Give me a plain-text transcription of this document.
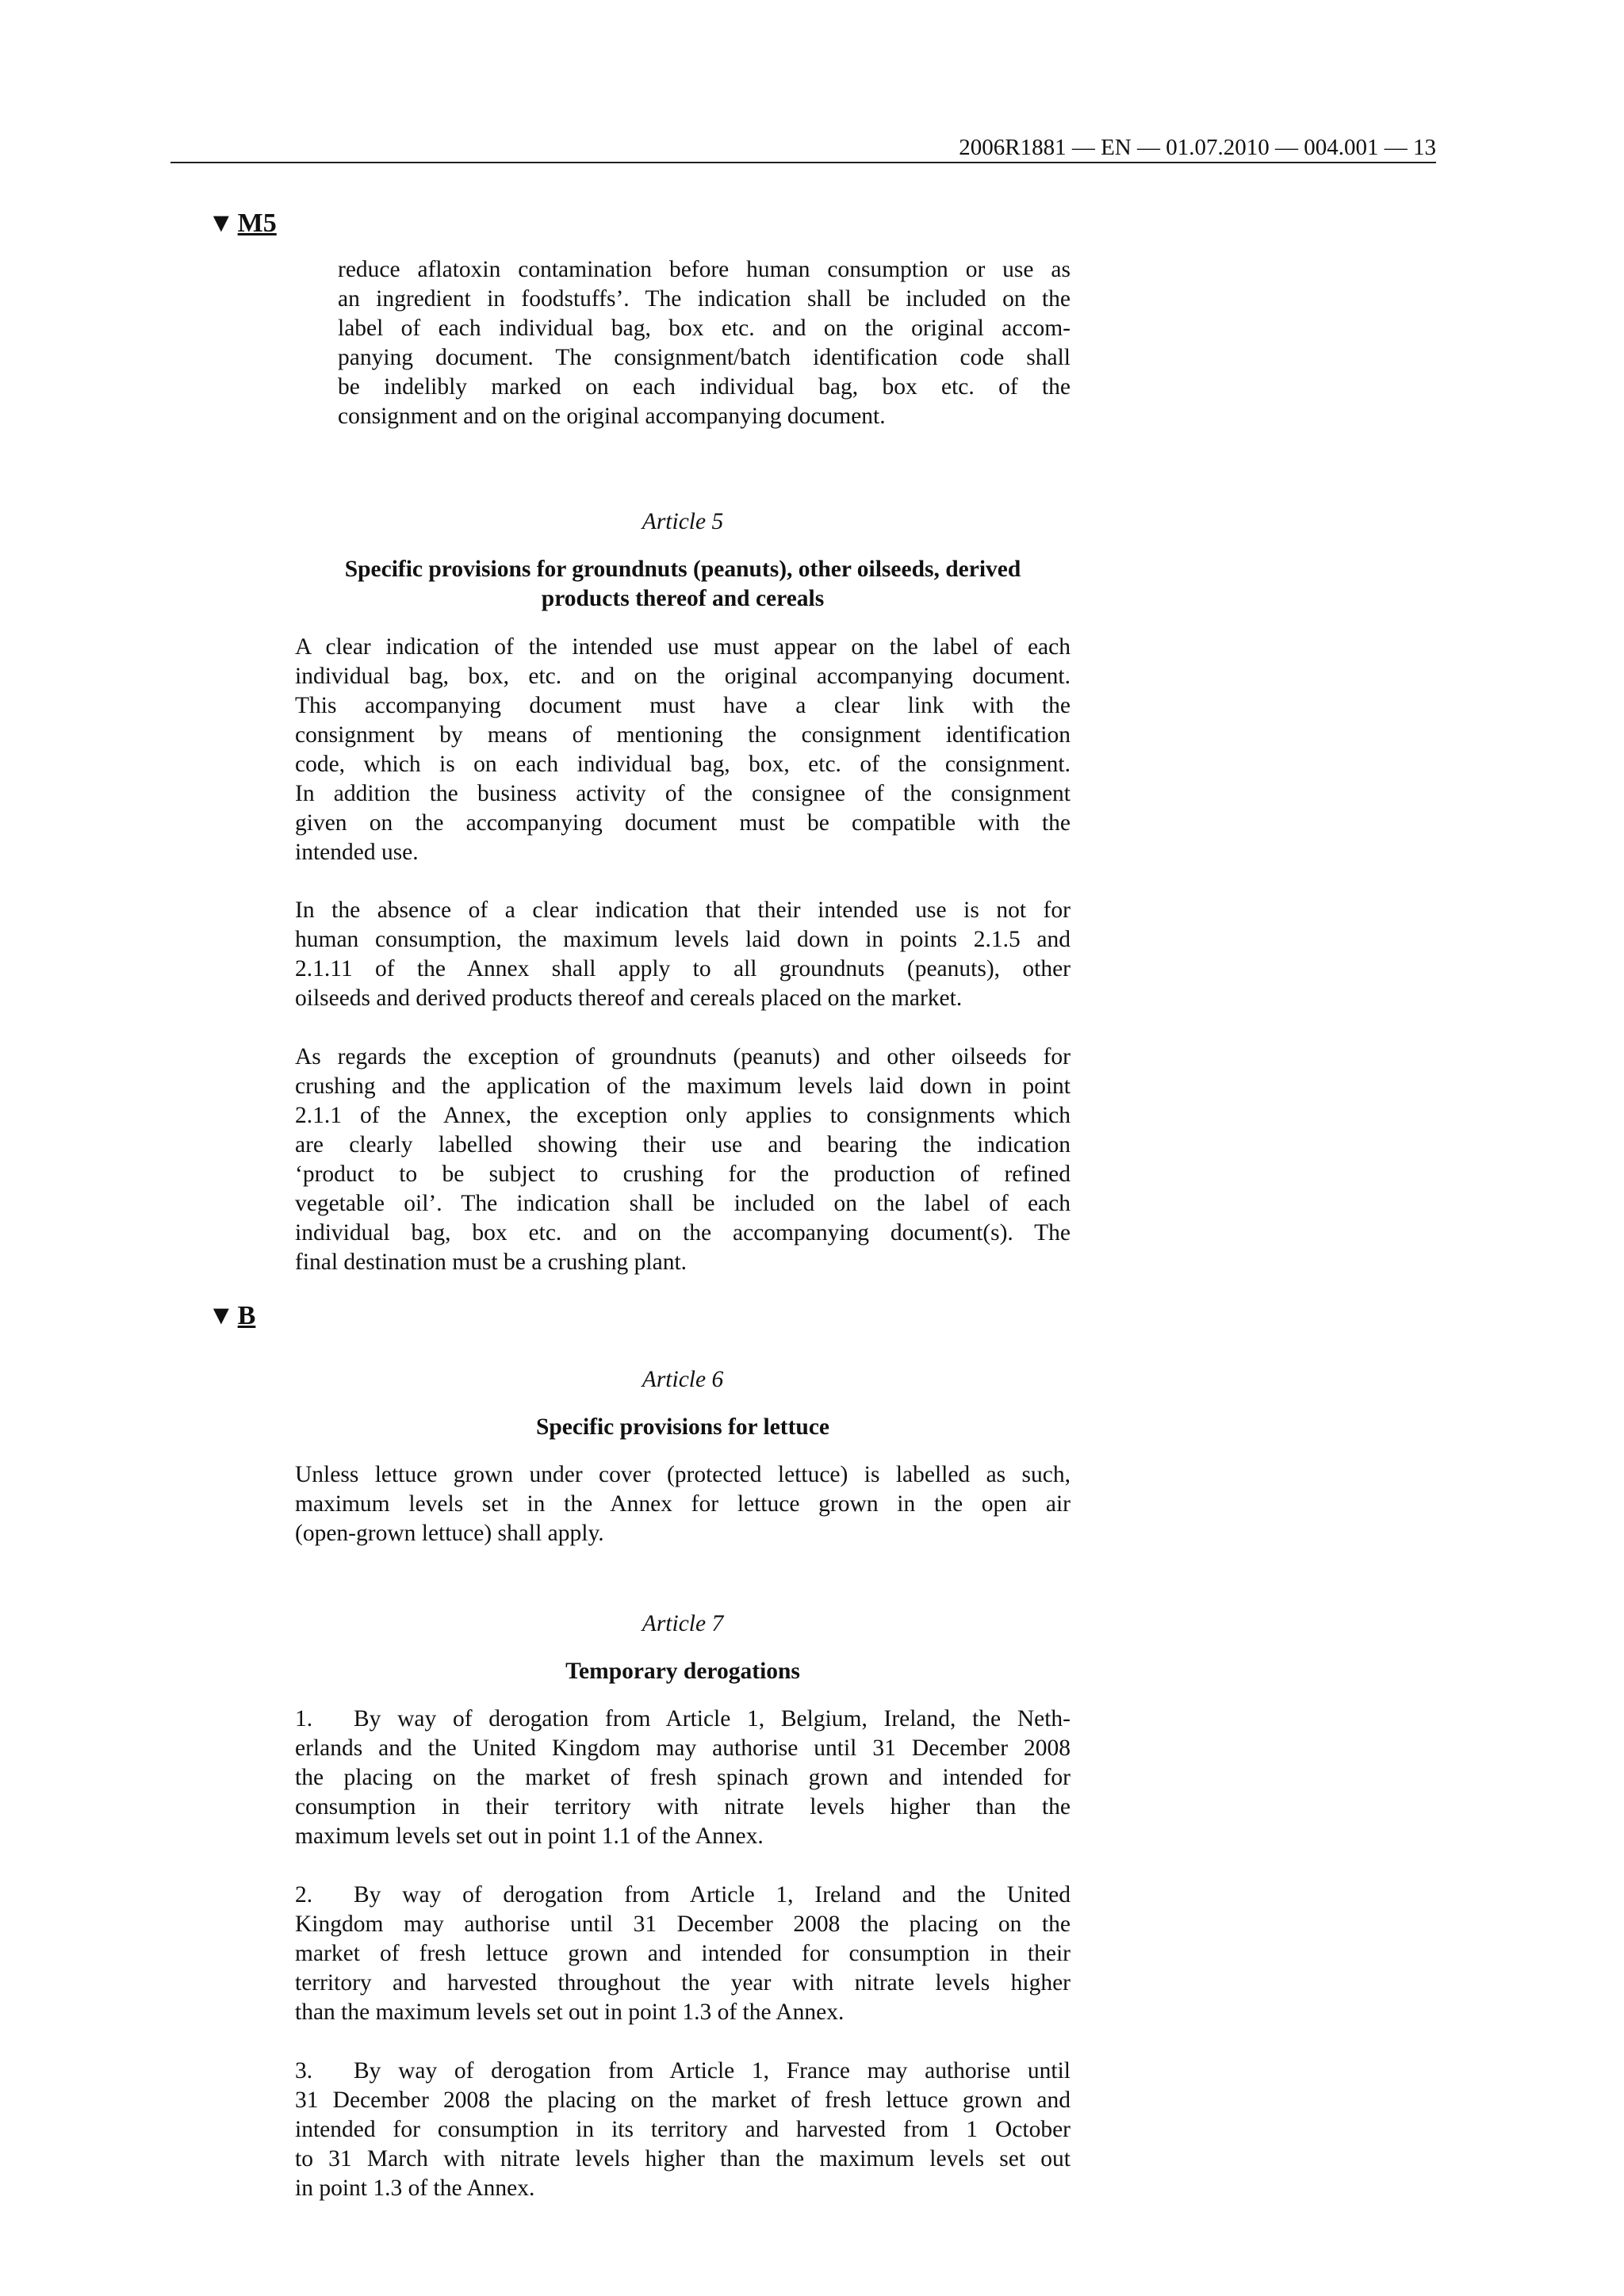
2006R1881 — EN — 01.07.2010 — 004.001 — 13
▼ M5
reduce aflatoxin contamination before human consumption or use as
an ingredient in foodstuffs’. The indication shall be included on the
label of each individual bag, box etc. and on the original accom-
panying document. The consignment/batch identification code shall
be indelibly marked on each individual bag, box etc. of the
consignment and on the original accompanying document.
Article 5
Specific provisions for groundnuts (peanuts), other oilseeds, derived
products thereof and cereals
A clear indication of the intended use must appear on the label of each
individual bag, box, etc. and on the original accompanying document.
This accompanying document must have a clear link with the
consignment by means of mentioning the consignment identification
code, which is on each individual bag, box, etc. of the consignment.
In addition the business activity of the consignee of the consignment
given on the accompanying document must be compatible with the
intended use.
In the absence of a clear indication that their intended use is not for
human consumption, the maximum levels laid down in points 2.1.5 and
2.1.11 of the Annex shall apply to all groundnuts (peanuts), other
oilseeds and derived products thereof and cereals placed on the market.
As regards the exception of groundnuts (peanuts) and other oilseeds for
crushing and the application of the maximum levels laid down in point
2.1.1 of the Annex, the exception only applies to consignments which
are clearly labelled showing their use and bearing the indication
‘product to be subject to crushing for the production of refined
vegetable oil’. The indication shall be included on the label of each
individual bag, box etc. and on the accompanying document(s). The
final destination must be a crushing plant.
▼ B
Article 6
Specific provisions for lettuce
Unless lettuce grown under cover (protected lettuce) is labelled as such,
maximum levels set in the Annex for lettuce grown in the open air
(open-grown lettuce) shall apply.
Article 7
Temporary derogations
1. By way of derogation from Article 1, Belgium, Ireland, the Neth-
erlands and the United Kingdom may authorise until 31 December 2008
the placing on the market of fresh spinach grown and intended for
consumption in their territory with nitrate levels higher than the
maximum levels set out in point 1.1 of the Annex.
2. By way of derogation from Article 1, Ireland and the United
Kingdom may authorise until 31 December 2008 the placing on the
market of fresh lettuce grown and intended for consumption in their
territory and harvested throughout the year with nitrate levels higher
than the maximum levels set out in point 1.3 of the Annex.
3. By way of derogation from Article 1, France may authorise until
31 December 2008 the placing on the market of fresh lettuce grown and
intended for consumption in its territory and harvested from 1 October
to 31 March with nitrate levels higher than the maximum levels set out
in point 1.3 of the Annex.
